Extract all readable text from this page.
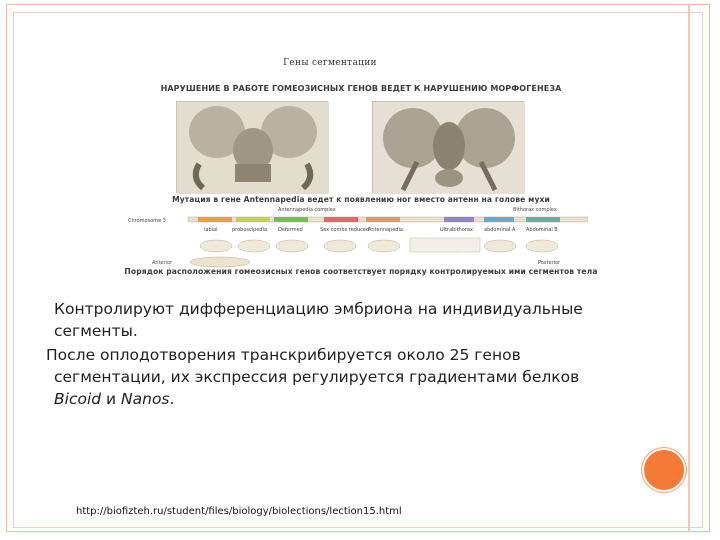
Гены сегментации
НАРУШЕНИЕ В РАБОТЕ ГОМЕОЗИСНЫХ ГЕНОВ ВЕДЕТ К НАРУШЕНИЮ МОРФОГЕНЕЗА
Мутация в гене Antennapedia ведет к появлению ног вместо антенн на голове мухи
Antennapedia complex	Bithorax complex
Chromosome 3
labial	proboscipedia Deformed	Sex combs reduced
Antennapedia	Ultrabithorax abdominal A Abdominal B
Anterior	Posterior
Порядок расположения гомеозисных генов соответствует порядку контролируемых ими сегментов тела
Контролируют дифференциацию эмбриона на индивидуальные
сегменты.
После оплодотворения транскрибируется около 25 генов
сегментации, их экспрессия регулируется градиентами белков
Bicoid и Nanos.
http://biofizteh.ru/student/files/biology/biolections/lection15.html
